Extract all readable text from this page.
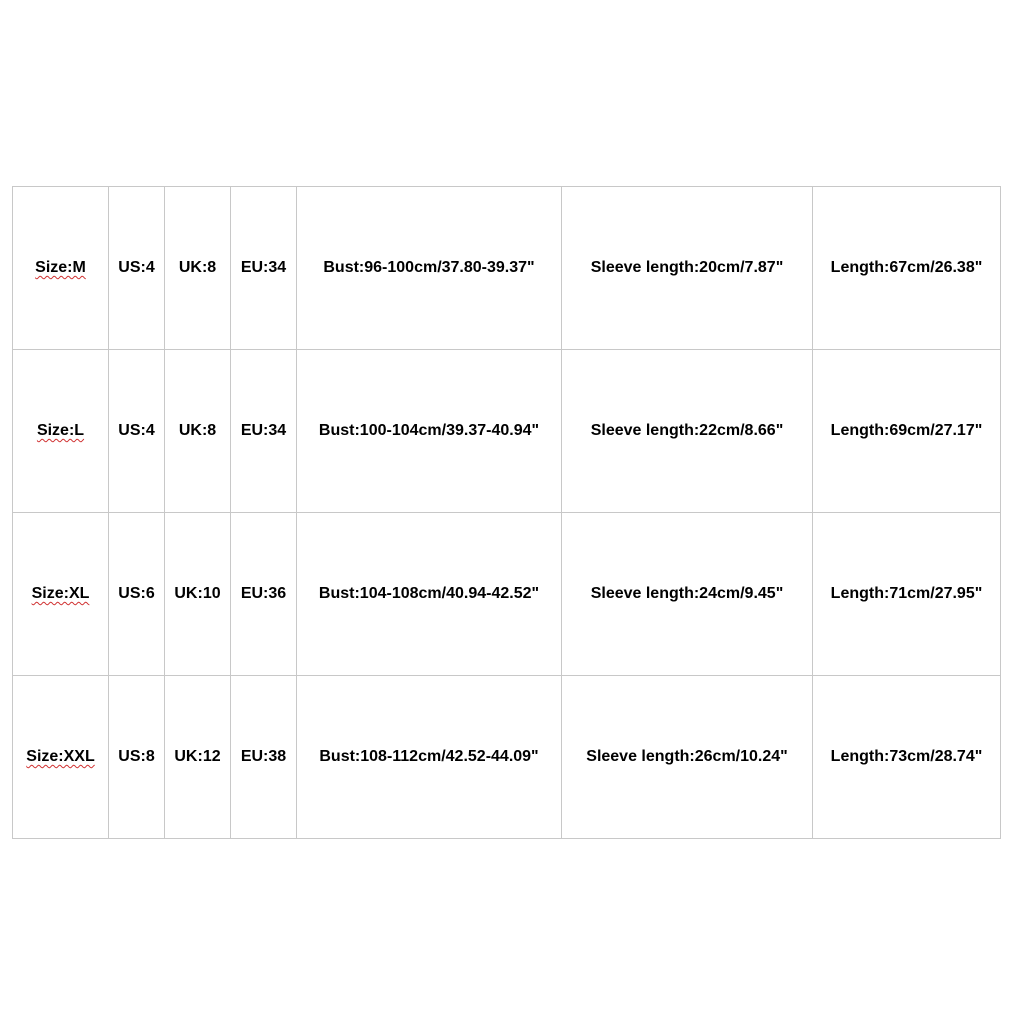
Size:M	US:4	UK:8	EU:34	Bust:96-100cm/37.80-39.37"	Sleeve length:20cm/7.87"	Length:67cm/26.38"
Size:L	US:4	UK:8	EU:34	Bust:100-104cm/39.37-40.94"	Sleeve length:22cm/8.66"	Length:69cm/27.17"
Size:XL	US:6	UK:10	EU:36	Bust:104-108cm/40.94-42.52"	Sleeve length:24cm/9.45"	Length:71cm/27.95"
Size:XXL	US:8	UK:12	EU:38	Bust:108-112cm/42.52-44.09"	Sleeve length:26cm/10.24"	Length:73cm/28.74"
